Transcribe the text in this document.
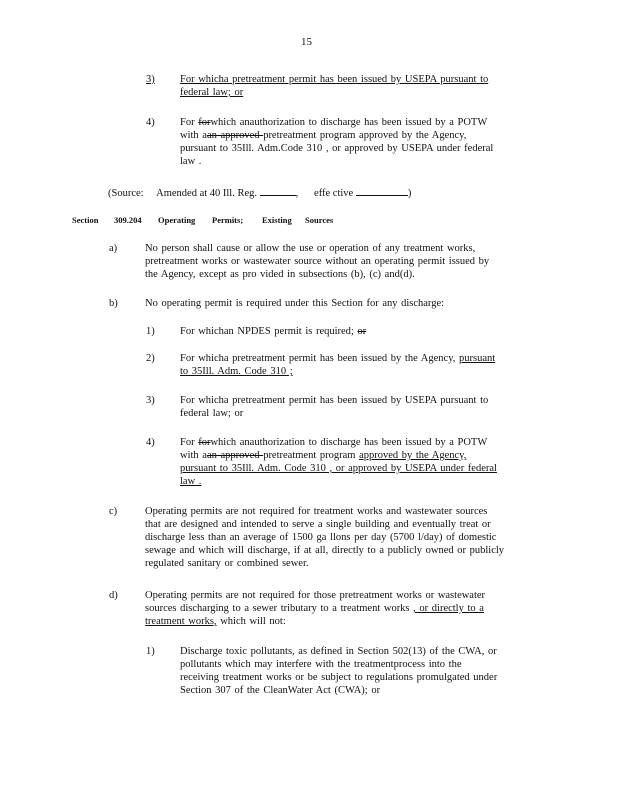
15
3) For whicha pretreatment permit has been issued by USEPA pursuant to
federal law; or
4) For forwhich anauthorization to discharge has been issued by a POTW
with aan approved pretreatment program approved by the Agency,
pursuant to 35Ill. Adm.Code 310 , or approved by USEPA under federal
law .
(Source: Amended at 40 Ill. Reg.	,      effe ctive	)
Section 309.204 Operating Permits; Existing Sources
a)	No person shall cause or allow the use or operation of any treatment works,
pretreatment works or wastewater source without an operating permit issued by
the Agency, except as pro vided in subsections (b), (c) and(d).
b)	No operating permit is required under this Section for any discharge:
1) For whichan NPDES permit is required; or
2) For whicha pretreatment permit has been issued by the Agency, pursuant
to 35Ill. Adm. Code 310 ;
3) For whicha pretreatment permit has been issued by USEPA pursuant to
federal law; or
4) For forwhich anauthorization to discharge has been issued by a POTW
with aan approved pretreatment program approved by the Agency,
pursuant to 35Ill. Adm. Code 310 , or approved by USEPA under federal
law .
c)	Operating permits are not required for treatment works and wastewater sources
that are designed and intended to serve a single building and eventually treat or
discharge less than an average of 1500 ga llons per day (5700 l/day) of domestic
sewage and which will discharge, if at all, directly to a publicly owned or publicly
regulated sanitary or combined sewer.
d)	Operating permits are not required for those pretreatment works or wastewater
sources discharging to a sewer tributary to a treatment works , or directly to a
treatment works, which will not:
1) Discharge toxic pollutants, as defined in Section 502(13) of the CWA, or
pollutants which may interfere with the treatmentprocess into the
receiving treatment works or be subject to regulations promulgated under
Section 307 of the CleanWater Act (CWA); or
